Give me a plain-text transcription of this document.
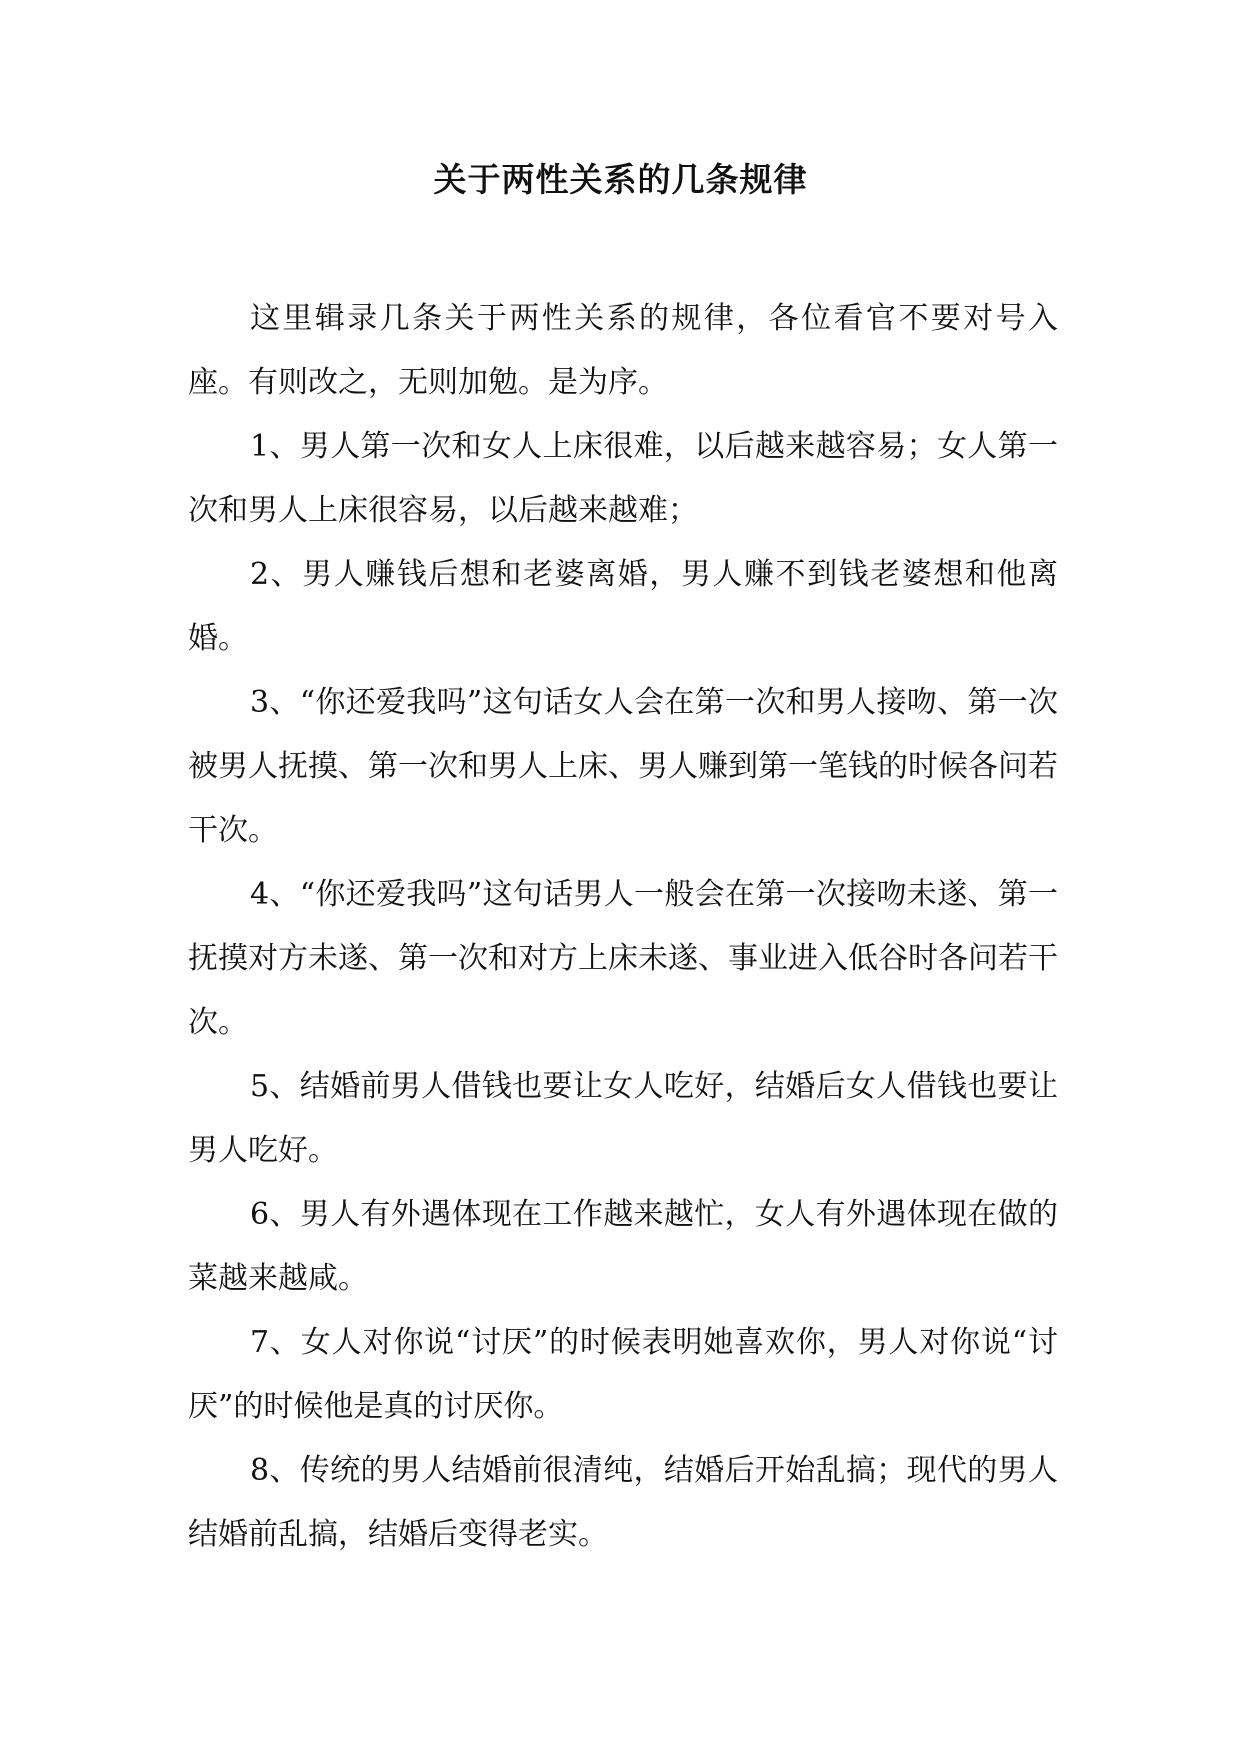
关于两性关系的几条规律

这里辑录几条关于两性关系的规律，各位看官不要对号入座。有则改之，无则加勉。是为序。

1、男人第一次和女人上床很难，以后越来越容易；女人第一次和男人上床很容易，以后越来越难；

2、男人赚钱后想和老婆离婚，男人赚不到钱老婆想和他离婚。

3、“你还爱我吗”这句话女人会在第一次和男人接吻、第一次被男人抚摸、第一次和男人上床、男人赚到第一笔钱的时候各问若干次。

4、“你还爱我吗”这句话男人一般会在第一次接吻未遂、第一抚摸对方未遂、第一次和对方上床未遂、事业进入低谷时各问若干次。

5、结婚前男人借钱也要让女人吃好，结婚后女人借钱也要让男人吃好。

6、男人有外遇体现在工作越来越忙，女人有外遇体现在做的菜越来越咸。

7、女人对你说“讨厌”的时候表明她喜欢你，男人对你说“讨厌”的时候他是真的讨厌你。

8、传统的男人结婚前很清纯，结婚后开始乱搞；现代的男人结婚前乱搞，结婚后变得老实。
